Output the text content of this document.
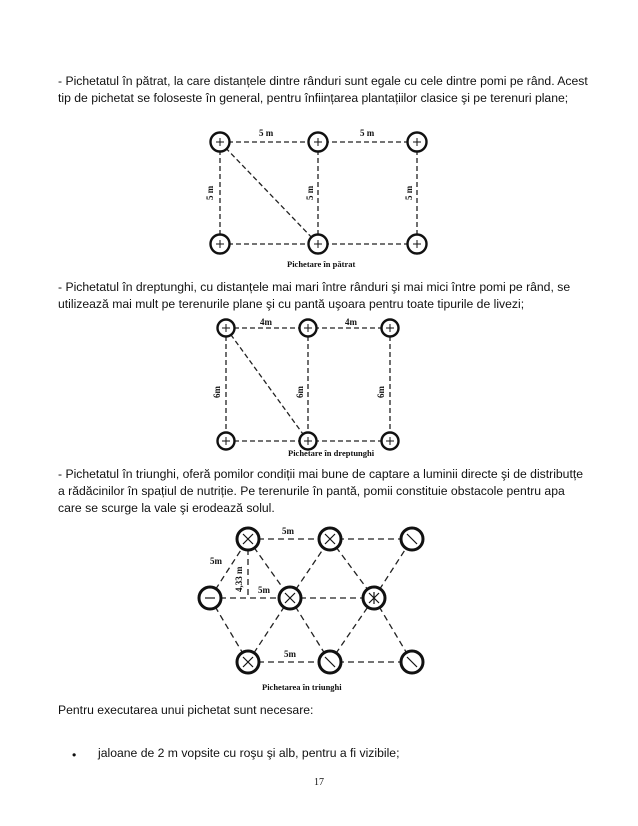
- Pichetatul în pătrat, la care distanțele dintre rânduri sunt egale cu cele dintre pomi pe rând. Acest tip de pichetat se foloseste în general, pentru înființarea plantațiilor clasice şi pe terenuri plane;
5 m	5 m
5 m	5 m	5 m
Pichetare în pătrat
- Pichetatul în dreptunghi, cu distanțele mai mari între rânduri şi mai mici între pomi pe rând, se utilizează mai mult pe terenurile plane şi cu pantă uşoara pentru toate tipurile de livezi;
4m	4m
6m	6m	6m
Pichetare în dreptunghi
- Pichetatul în triunghi, oferă pomilor condiții mai bune de captare a luminii directe şi de distributțe a rădăcinilor în spațiul de nutriție. Pe terenurile în pantă, pomii constituie obstacole pentru apa care se scurge la vale şi erodează solul.
5m
5m
5m
5m
4,33 m
Pichetarea în triunghi
Pentru executarea unui pichetat sunt necesare:
• jaloane de 2 m vopsite cu roşu şi alb, pentru a fi vizibile;
17
